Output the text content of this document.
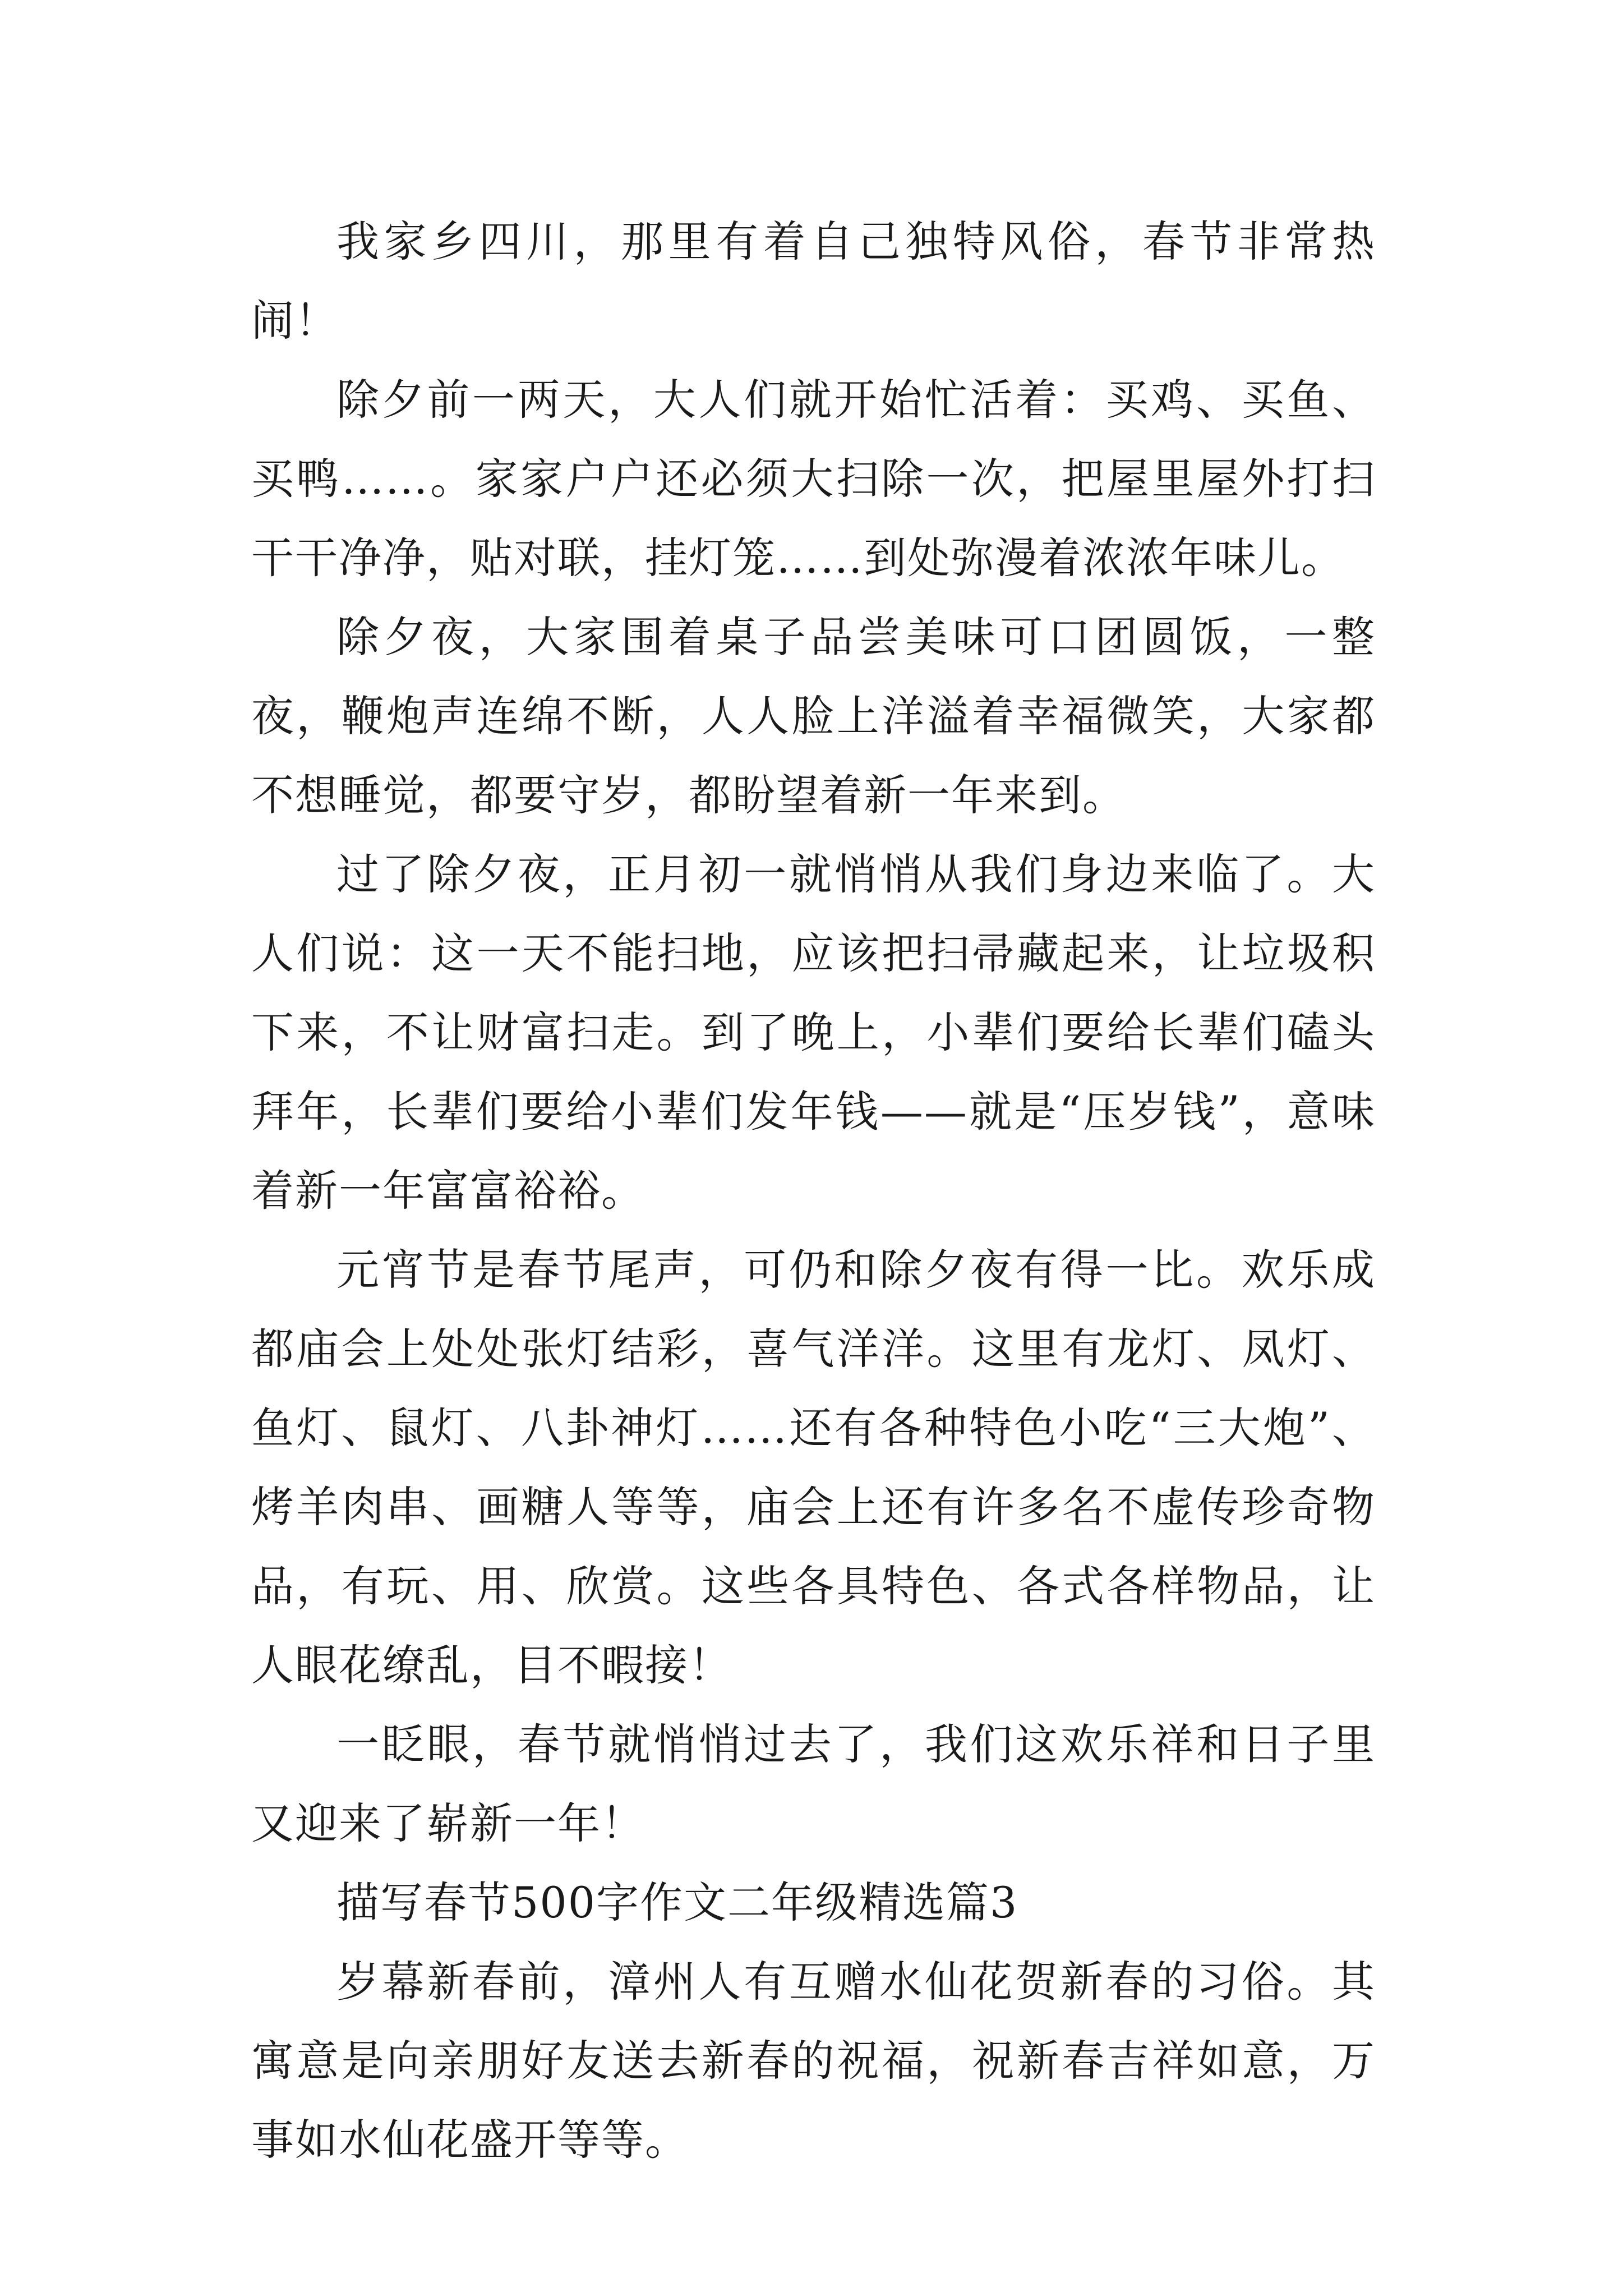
我家乡四川，那里有着自己独特风俗，春节非常热闹！

除夕前一两天，大人们就开始忙活着：买鸡、买鱼、买鸭……。家家户户还必须大扫除一次，把屋里屋外打扫干干净净，贴对联，挂灯笼……到处弥漫着浓浓年味儿。

除夕夜，大家围着桌子品尝美味可口团圆饭，一整夜，鞭炮声连绵不断，人人脸上洋溢着幸福微笑，大家都不想睡觉，都要守岁，都盼望着新一年来到。

过了除夕夜，正月初一就悄悄从我们身边来临了。大人们说：这一天不能扫地，应该把扫帚藏起来，让垃圾积下来，不让财富扫走。到了晚上，小辈们要给长辈们磕头拜年，长辈们要给小辈们发年钱——就是“压岁钱”，意味着新一年富富裕裕。

元宵节是春节尾声，可仍和除夕夜有得一比。欢乐成都庙会上处处张灯结彩，喜气洋洋。这里有龙灯、凤灯、鱼灯、鼠灯、八卦神灯……还有各种特色小吃“三大炮”、烤羊肉串、画糖人等等，庙会上还有许多名不虚传珍奇物品，有玩、用、欣赏。这些各具特色、各式各样物品，让人眼花缭乱，目不暇接！

一眨眼，春节就悄悄过去了，我们这欢乐祥和日子里又迎来了崭新一年！

描写春节500字作文二年级精选篇3

岁幕新春前，漳州人有互赠水仙花贺新春的习俗。其寓意是向亲朋好友送去新春的祝福，祝新春吉祥如意，万事如水仙花盛开等等。
